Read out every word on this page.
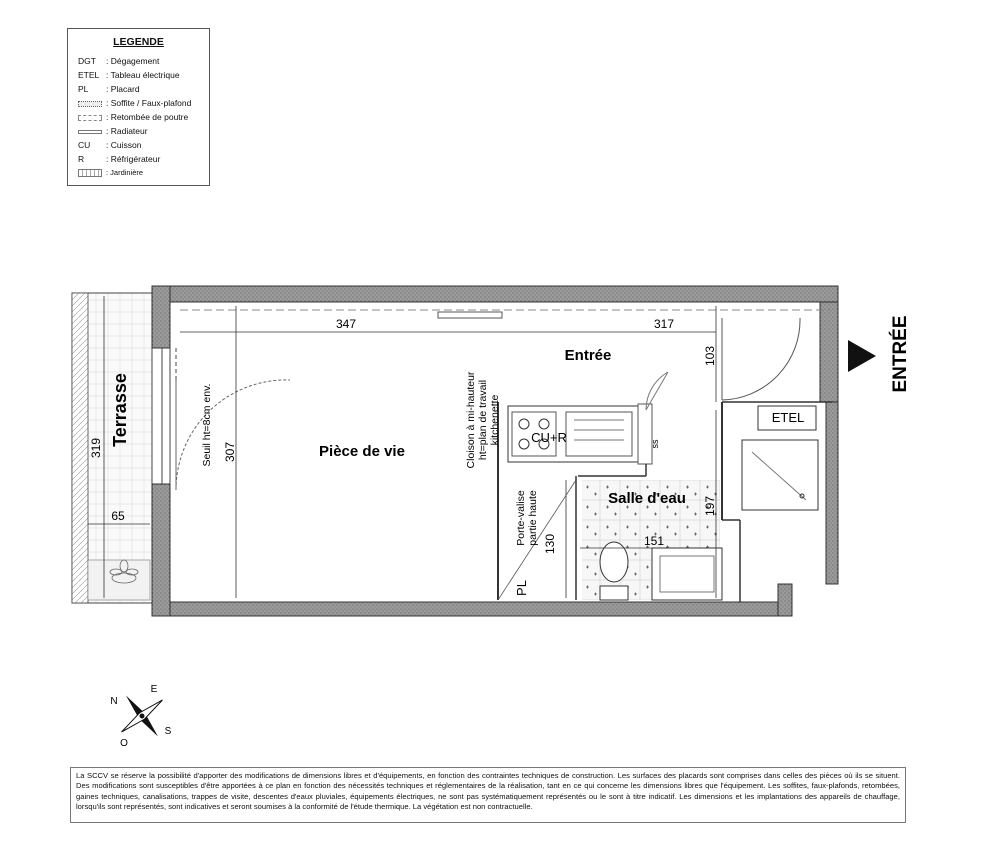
LEGENDE
DGT : Dégagement
ETEL : Tableau électrique
PL : Placard
: Soffite / Faux-plafond
: Retombée de poutre
: Radiateur
CU : Cuisson
R	: Réfrigérateur
: Jardinière
347	317
307
319
65
103
197
151
130
Pièce de vie
Entrée
Salle d'eau
Terrasse	ETEL
CU+R
PL
ss
Seuil ht=8cm env.	Cloison à mi-hauteur ht=plan de travail kitchenette
Porte-valise partie haute
ENTRÉE
N
E
S
O
La SCCV se réserve la possibilité d'apporter des modifications de dimensions libres et d'équipements, en fonction des contraintes techniques de construction. Les surfaces des placards sont comprises dans celles des pièces où ils se situent. Des modifications sont susceptibles d'être apportées à ce plan en fonction des nécessités techniques et réglementaires de la réalisation, tant en ce qui concerne les dimensions libres que l'équipement. Les soffites, faux-plafonds, retombées, gaines techniques, canalisations, trappes de visite, descentes d'eaux pluviales, équipements électriques, ne sont pas systématiquement représentés ou le sont à titre indicatif. Les dimensions et les implantations des appareils de chauffage, lorsqu'ils sont représentés, sont indicatives et seront soumises à la conformité de l'étude thermique. La végétation est non contractuelle.
